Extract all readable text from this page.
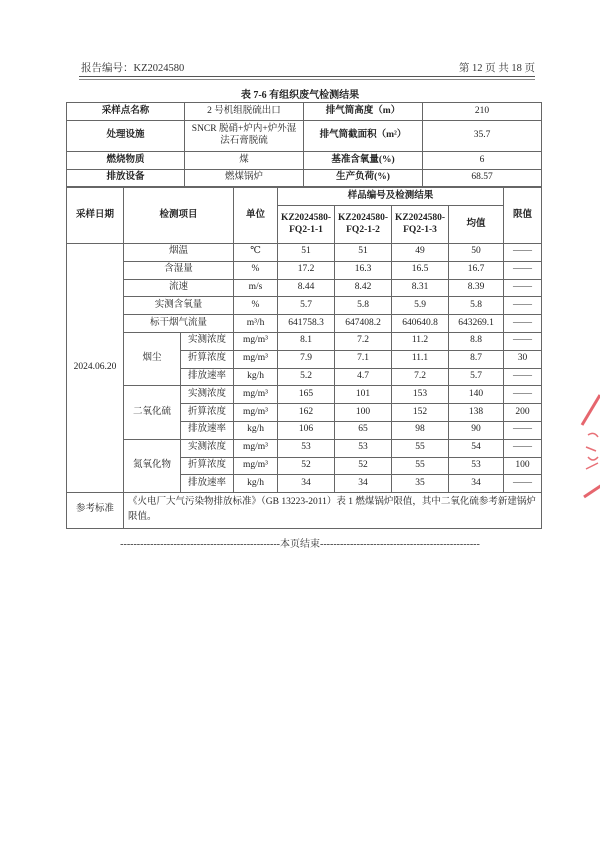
报告编号：KZ2024580	第 12 页 共 18 页
表 7-6 有组织废气检测结果
采样点名称	2 号机组脱硫出口	排气筒高度（m）	210
处理设施	SNCR 脱硝+炉内+炉外湿法石膏脱硫	排气筒截面积（m²）	35.7
燃烧物质	煤	基准含氧量(%)	6
排放设备	燃煤锅炉	生产负荷(%)	68.57
采样日期	检测项目		单位	样品编号及检测结果				限值
				KZ2024580-FQ2-1-1	KZ2024580-FQ2-1-2	KZ2024580-FQ2-1-3	均值	
2024.06.20	烟温		℃	51	51	49	50	——
	含湿量		%	17.2	16.3	16.5	16.7	——
	流速		m/s	8.44	8.42	8.31	8.39	——
	实测含氧量		%	5.7	5.8	5.9	5.8	——
	标干烟气流量		m³/h	641758.3	647408.2	640640.8	643269.1	——
	烟尘	实测浓度	mg/m³	8.1	7.2	11.2	8.8	——
		折算浓度	mg/m³	7.9	7.1	11.1	8.7	30
		排放速率	kg/h	5.2	4.7	7.2	5.7	——
	二氧化硫	实测浓度	mg/m³	165	101	153	140	——
		折算浓度	mg/m³	162	100	152	138	200
		排放速率	kg/h	106	65	98	90	——
	氮氧化物	实测浓度	mg/m³	53	53	55	54	——
		折算浓度	mg/m³	52	52	55	53	100
		排放速率	kg/h	34	34	35	34	——
参考标准	《火电厂大气污染物排放标准》（GB 13223-2011）表 1 燃煤锅炉限值，其中二氧化硫参考新建锅炉限值。							
------------------------------------------------本页结束------------------------------------------------
